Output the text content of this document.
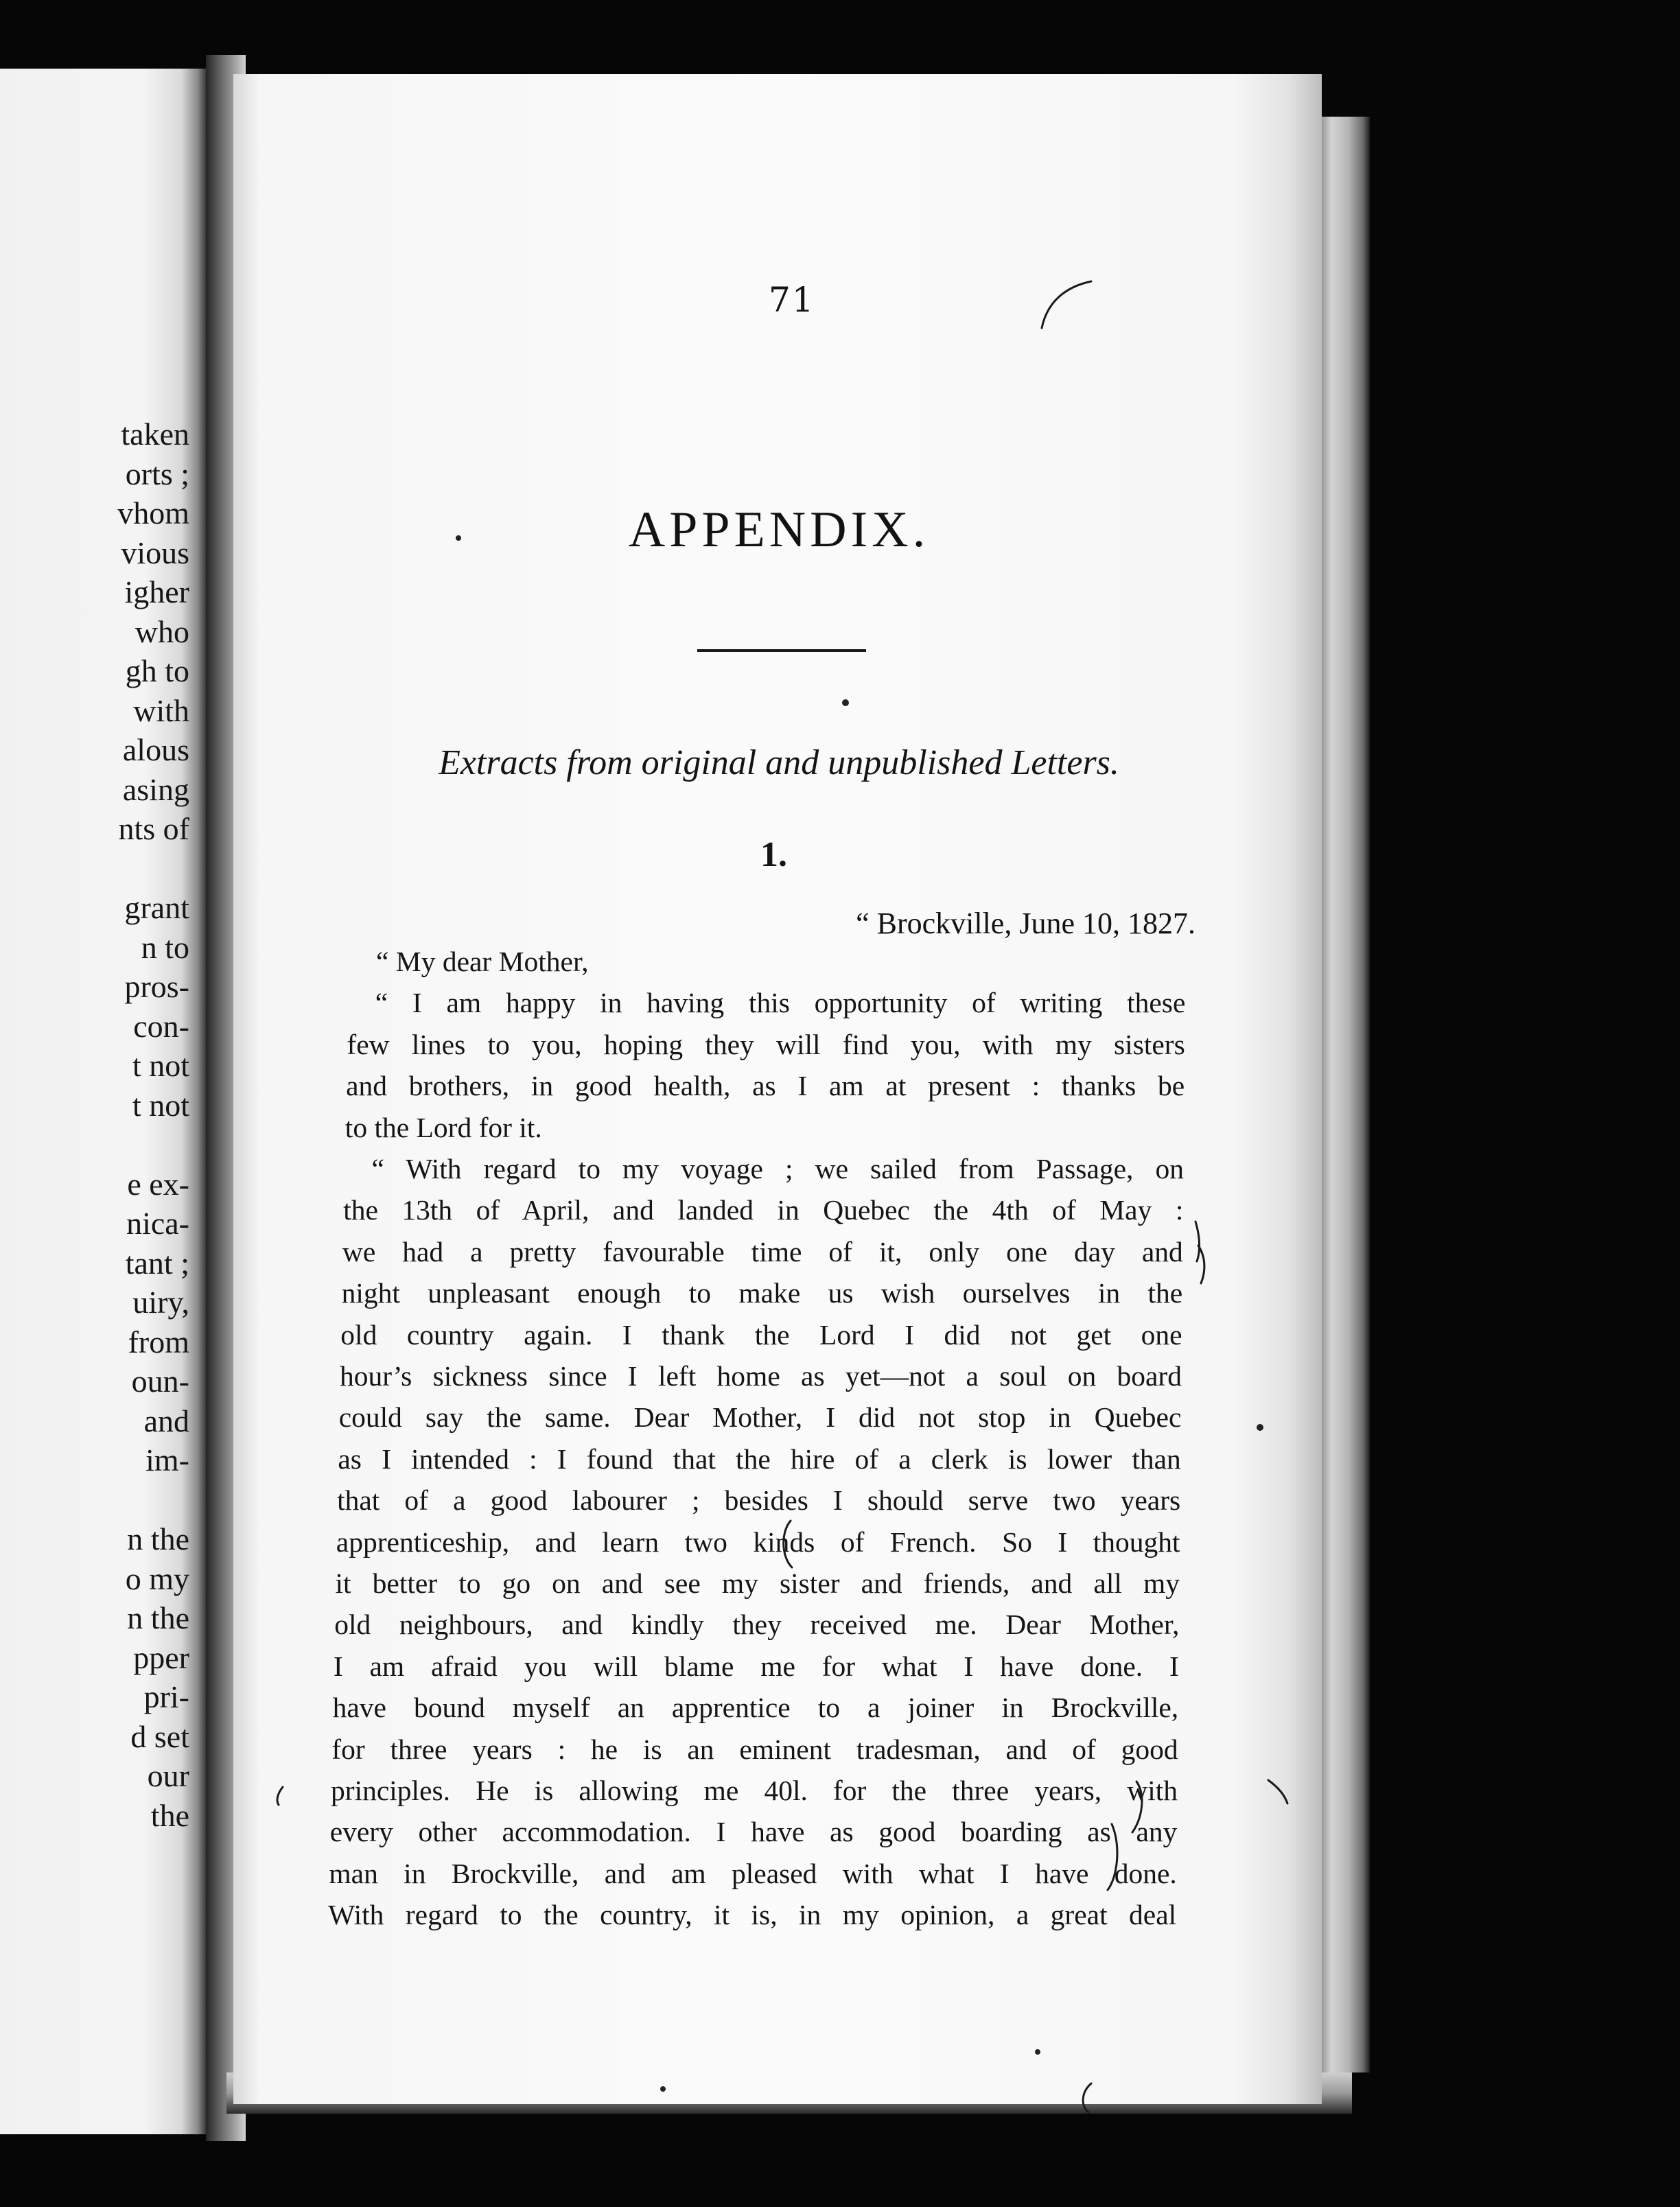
taken
orts ;
vhom
vious
igher
who
gh to
with
alous
asing
nts of
grant
n to
pros-
con-
t not
t not
e ex-
nica-
tant ;
uiry,
from
oun-
and
im-
n the
o my
n the
pper
pri-
d set
our
the
71
APPENDIX.
Extracts from original and unpublished Letters.
1.
“ Brockville, June 10, 1827.
“ My dear Mother,
“ I am happy in having this opportunity of writing these
few lines to you, hoping they will find you, with my sisters
and brothers, in good health, as I am at present : thanks be
to the Lord for it.
“ With regard to my voyage ; we sailed from Passage, on
the 13th of April, and landed in Quebec the 4th of May :
we had a pretty favourable time of it, only one day and
night unpleasant enough to make us wish ourselves in the
old country again. I thank the Lord I did not get one
hour’s sickness since I left home as yet—not a soul on board
could say the same. Dear Mother, I did not stop in Quebec
as I intended : I found that the hire of a clerk is lower than
that of a good labourer ; besides I should serve two years
apprenticeship, and learn two kinds of French. So I thought
it better to go on and see my sister and friends, and all my
old neighbours, and kindly they received me. Dear Mother,
I am afraid you will blame me for what I have done. I
have bound myself an apprentice to a joiner in Brockville,
for three years : he is an eminent tradesman, and of good
principles. He is allowing me 40l. for the three years, with
every other accommodation. I have as good boarding as any
man in Brockville, and am pleased with what I have done.
With regard to the country, it is, in my opinion, a great deal
